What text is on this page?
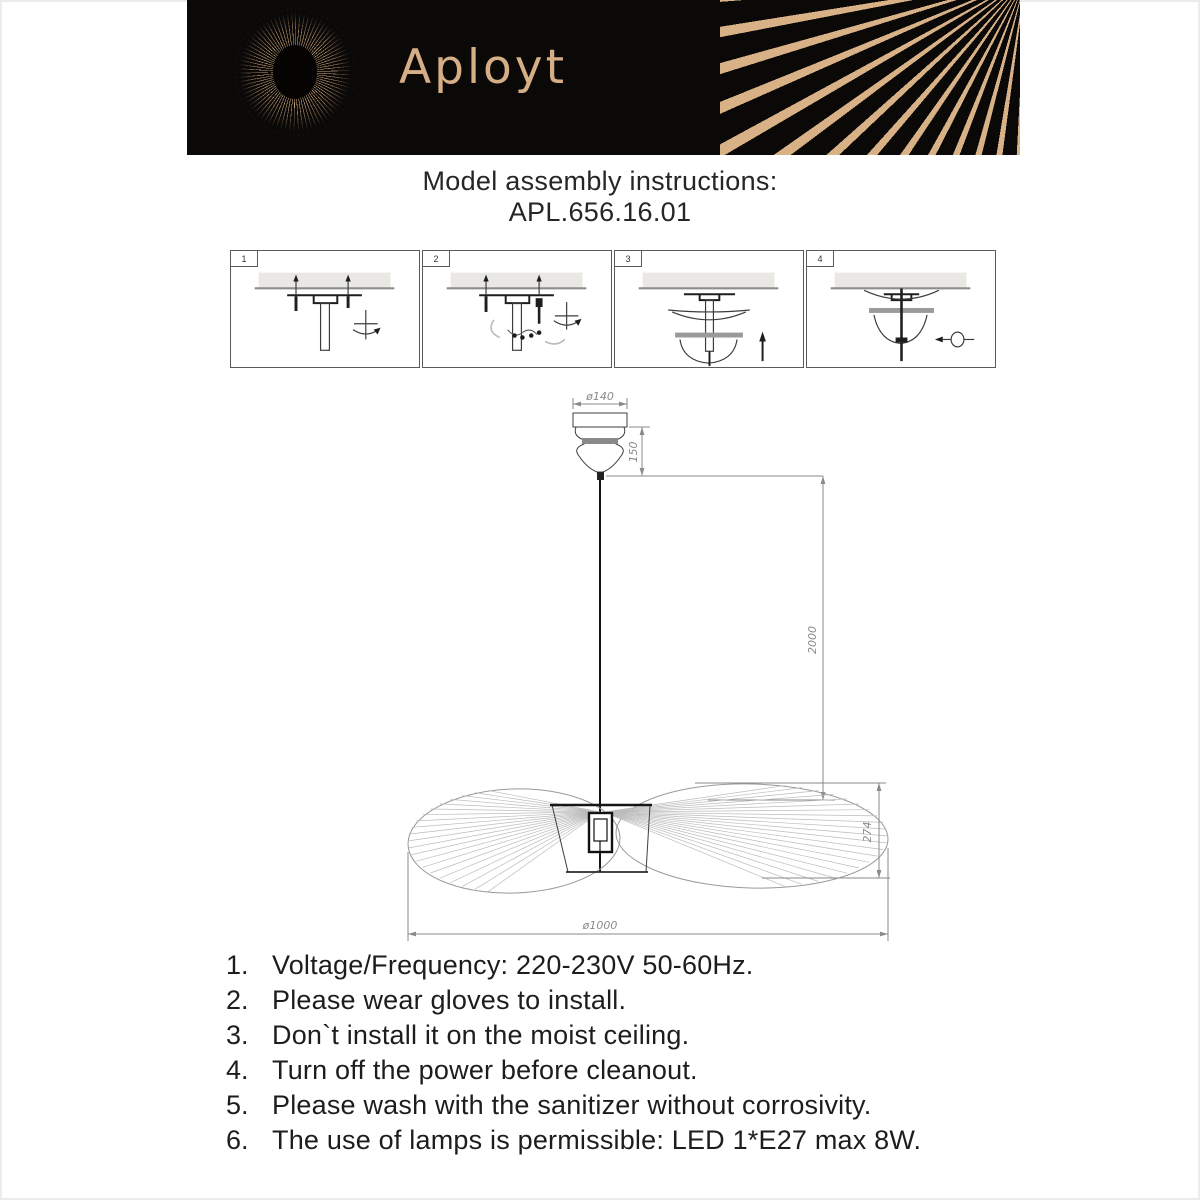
Aployt
Model assembly instructions:
APL.656.16.01
1	2	3	4
ø140
150
2000
274
ø1000
1. Voltage/Frequency: 220-230V 50-60Hz.
2. Please wear gloves to install.
3. Don`t install it on the moist ceiling.
4. Turn off the power before cleanout.
5. Please wash with the sanitizer without corrosivity.
6. The use of lamps is permissible: LED 1*E27 max 8W.
